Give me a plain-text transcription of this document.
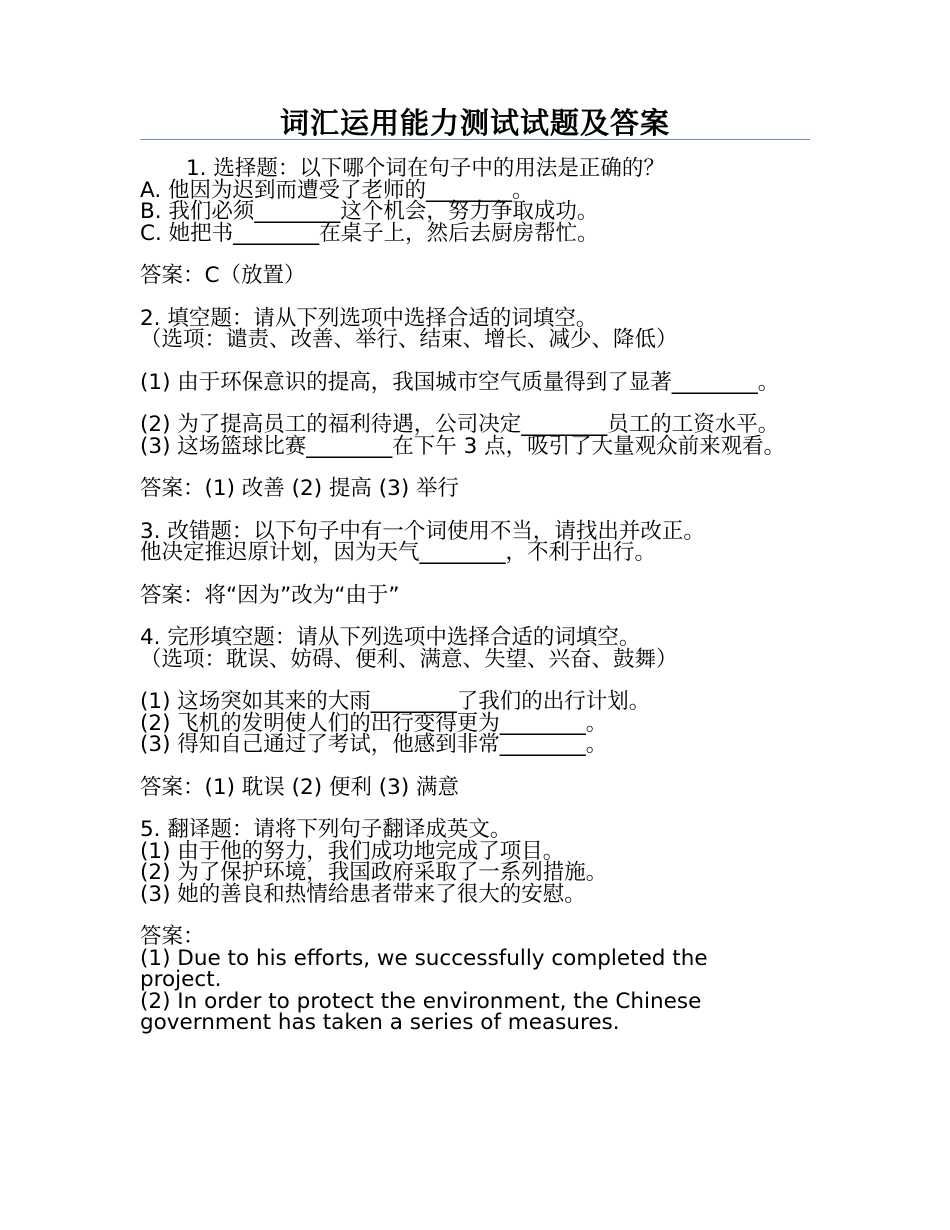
词汇运用能力测试试题及答案
1. 选择题：以下哪个词在句子中的用法是正确的？
A. 他因为迟到而遭受了老师的________。
B. 我们必须________这个机会，努力争取成功。
C. 她把书________在桌子上，然后去厨房帮忙。
答案：C（放置）
2. 填空题：请从下列选项中选择合适的词填空。
（选项：谴责、改善、举行、结束、增长、减少、降低）
(1) 由于环保意识的提高，我国城市空气质量得到了显著________。
(2) 为了提高员工的福利待遇，公司决定________员工的工资水平。
(3) 这场篮球比赛________在下午 3 点，吸引了大量观众前来观看。
答案：(1) 改善 (2) 提高 (3) 举行
3. 改错题：以下句子中有一个词使用不当，请找出并改正。
他决定推迟原计划，因为天气________，不利于出行。
答案：将“因为”改为“由于”
4. 完形填空题：请从下列选项中选择合适的词填空。
（选项：耽误、妨碍、便利、满意、失望、兴奋、鼓舞）
(1) 这场突如其来的大雨________了我们的出行计划。
(2) 飞机的发明使人们的出行变得更为________。
(3) 得知自己通过了考试，他感到非常________。
答案：(1) 耽误 (2) 便利 (3) 满意
5. 翻译题：请将下列句子翻译成英文。
(1) 由于他的努力，我们成功地完成了项目。
(2) 为了保护环境，我国政府采取了一系列措施。
(3) 她的善良和热情给患者带来了很大的安慰。
答案：
(1) Due to his efforts, we successfully completed the
project.
(2) In order to protect the environment, the Chinese
government has taken a series of measures.
